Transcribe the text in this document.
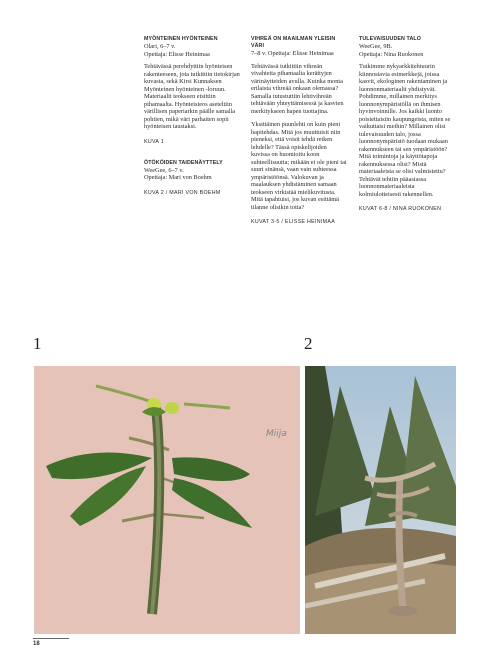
MYÖNTEINEN HYÖNTEINEN
Olari, 6–7 v.
Opettaja: Elisse Heinimaa
Tehtävässä perehdyttiin hyönteisen rakenteeseen, jota tutkittiin tietokirjan kuvasta, sekä Kirsi Kunnaksen Myönteinen hyönteinen -loruun. Materiaalit teokseen etsittiin pihamaalta. Hyönteisteos aseteltiin värillisen paperiarkin päälle samalla pohtien, mikä väri parhaiten sopii hyönteisen taustaksi.
KUVA 1
ÖTÖKÖIDEN TAIDENÄYTTELY
WeeGee, 6–7 v.
Opettaja: Mari von Boehm
KUVA 2 / MARI VON BOEHM
VIHREÄ ON MAAILMAN YLEISIN VÄRI
7–8 v. Opettaja: Elisse Heinimaa

Tehtävässä tutkittiin vihreän vivahteita pihamaalta kerättyjen värinäytteiden avulla. Kuinka monta erilaista vihreää onkaan olemassa? Samalla tutustuttiin lehtivihreän tehtävään yhteyttämisessä ja kasvien merkitykseen hapen tuottajina.

Yksittäinen puunlehti on kuin pieni hapitehdas. Mitä jos muuttuisit niin pieneksi, että voisit tehdä retken lehdelle? Tässä opiskelijoiden kuvissa on huomioitu koon suhteellisuutta; mikään ei ole pieni tai suuri sinänsä, vaan vain suhteessa ympäristöönsä. Valokuvan ja maalauksen yhdistäminen samaan teokseen virkistää mielikuvitusta. Mitä tapahtuisi, jos kuvan esittämä tilanne olisikin totta?

KUVAT 3-5 / ELISSE HEINIMAA
TULEVAISUUDEN TALO
WeeGee, 9B.
Opettaja: Nina Ruokonen
Tutkimme nykyarkkitehtuurin kiinnostavia esimerkkejä, joissa kasvit, ekologinen rakentaminen ja luonnonmateriaalit yhdistyvät. Pohdimme, millainen merkitys luonnonympäristöllä on ihmisen hyvinvoinnille. Jos kaikki luonto poistettaisiin kaupungeista, miten se vaikuttaisi meihin? Millainen olisi tulevaisuuden talo, jossa luonnonympäristö tuodaan mukaan rakennukseen tai sen ympäristöön? Mitä toimintoja ja käyttötapoja rakennuksessa olisi? Mistä materiaaleista se olisi valmistettu? Tehtävät tehtiin pääasiassa luonnonmateriaaleista kolmiulotteisesti rakennellen.
KUVAT 6-8 / NINA RUOKONEN
1	2
Miija
18
